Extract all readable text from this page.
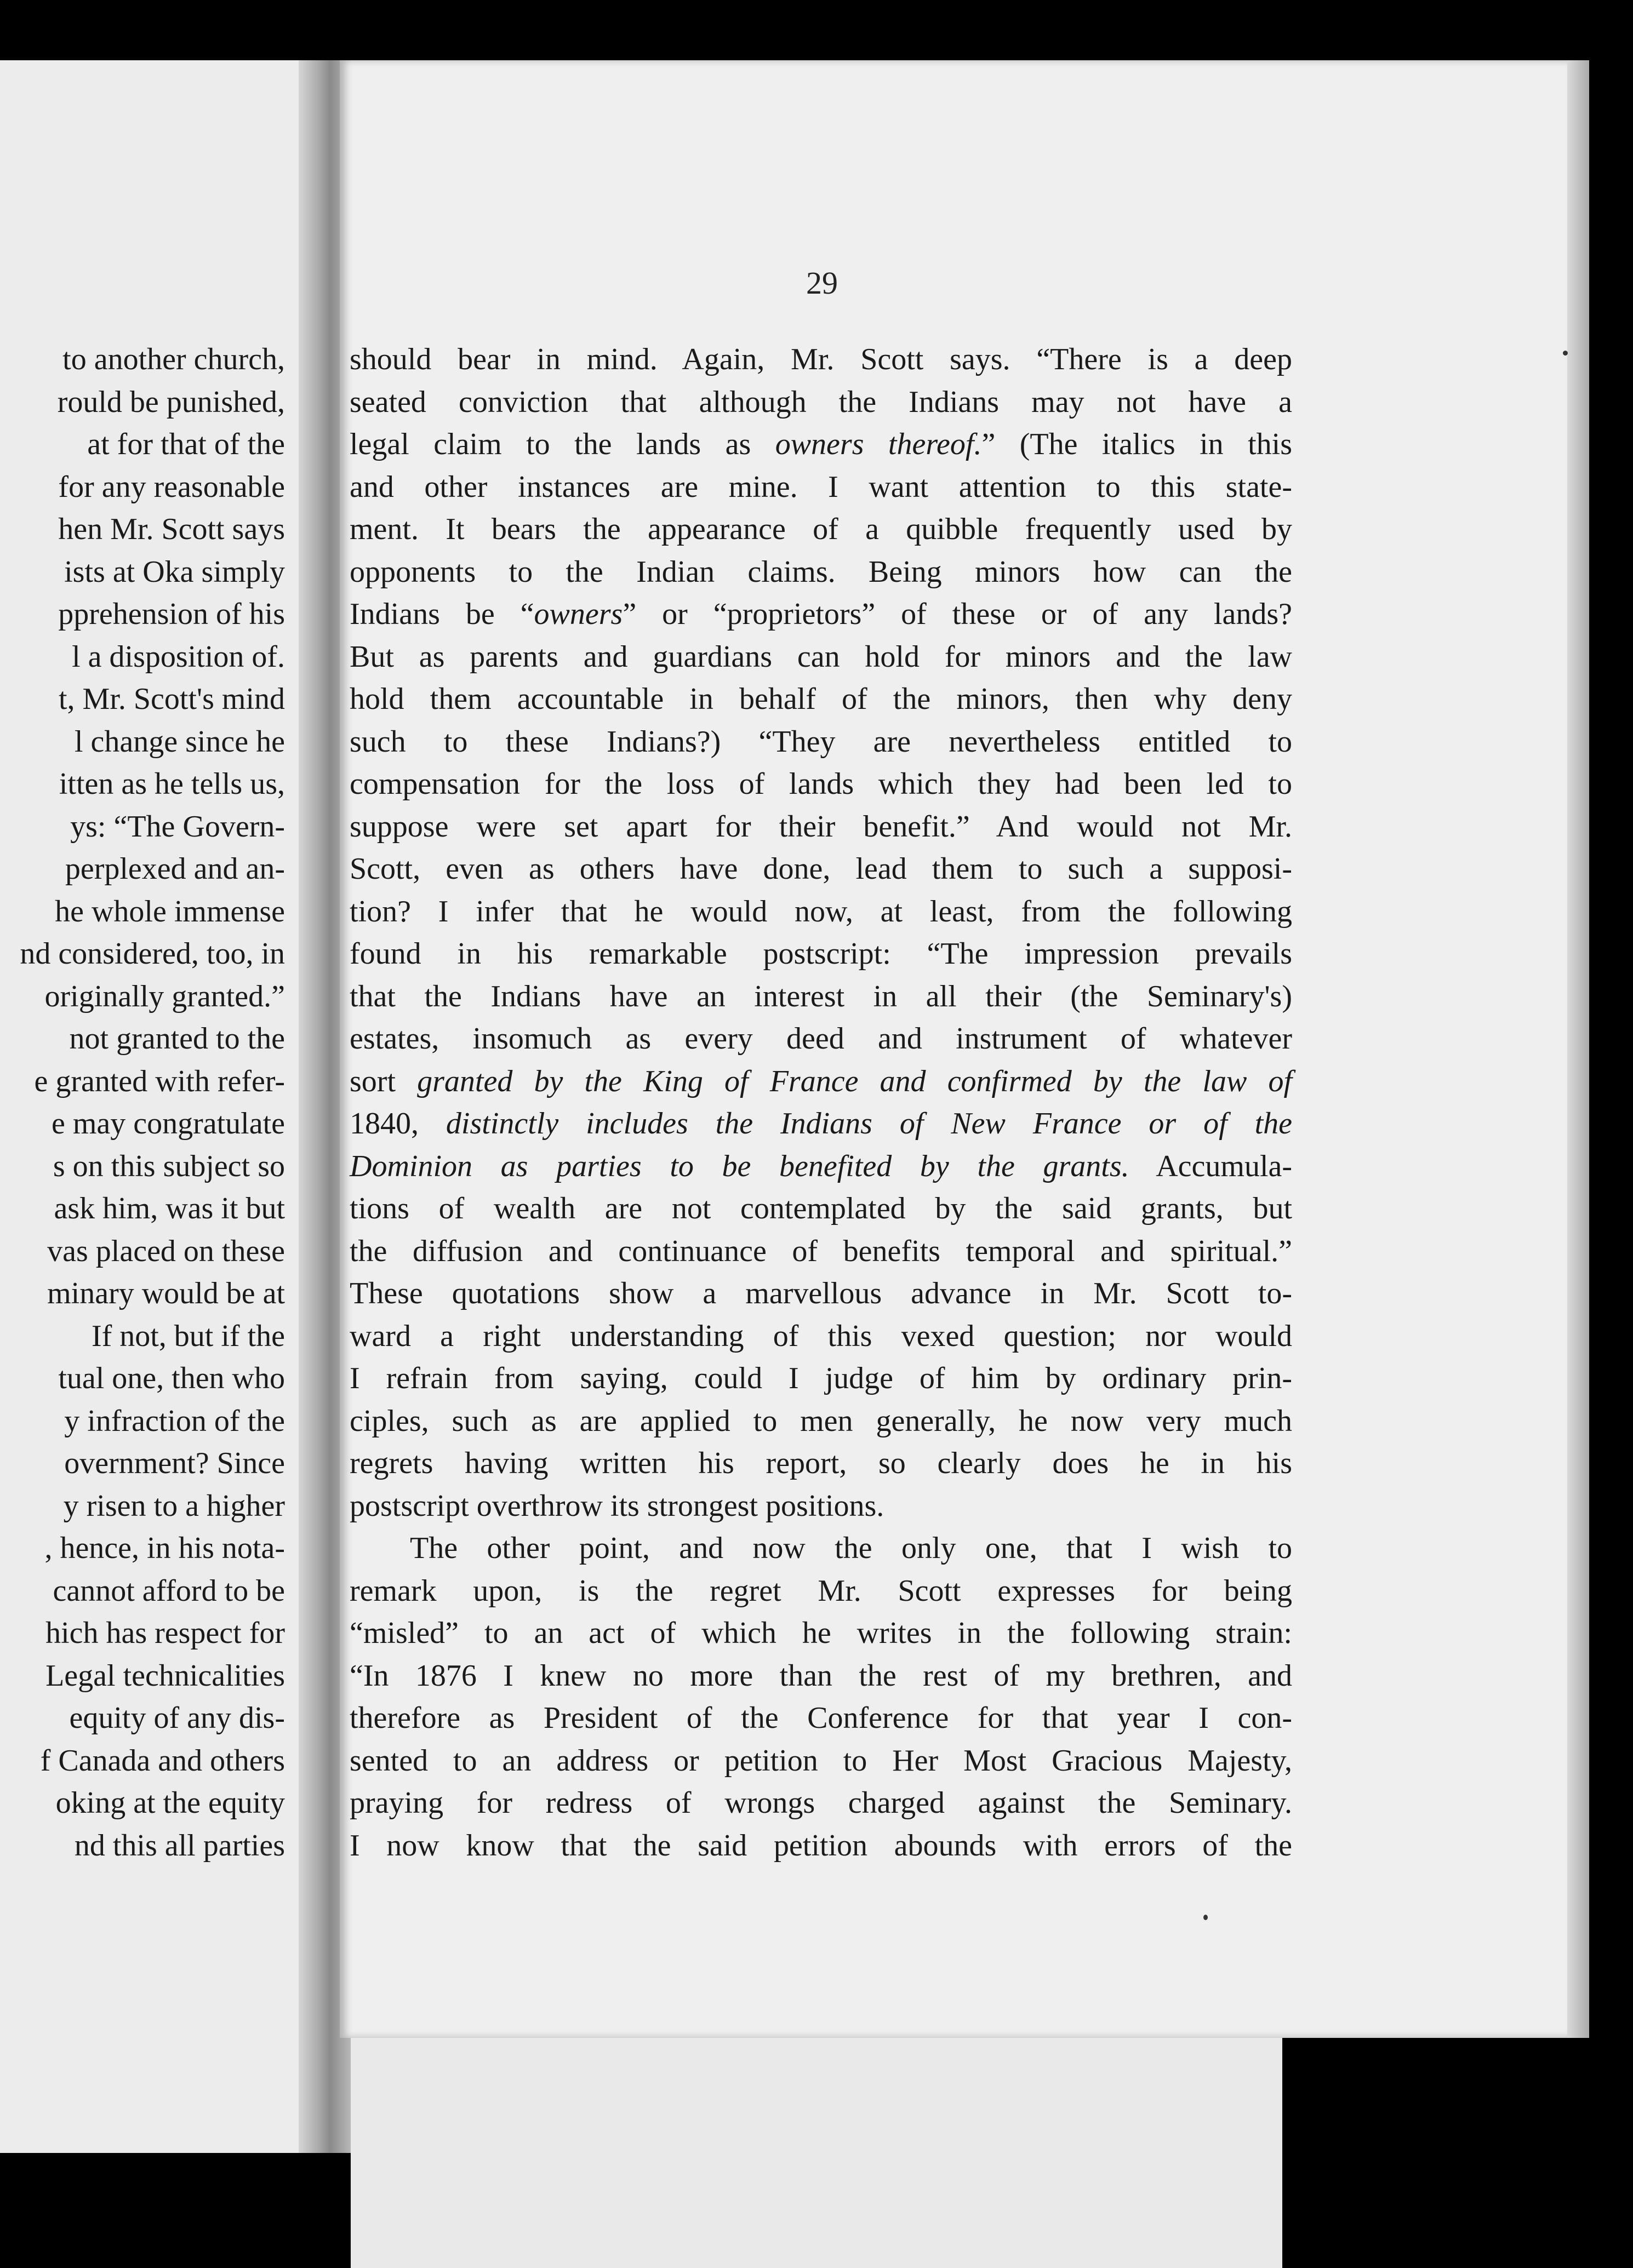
29
to another church,
rould be punished,
at for that of the
for any reasonable
hen Mr. Scott says
ists at Oka simply
pprehension of his
l a disposition of.
t, Mr. Scott's mind
l change since he
itten as he tells us,
ys: “The Govern-
perplexed and an-
he whole immense
nd considered, too, in
originally granted.”
not granted to the
e granted with refer-
e may congratulate
s on this subject so
ask him, was it but
vas placed on these
minary would be at
If not, but if the
tual one, then who
y infraction of the
overnment? Since
y risen to a higher
, hence, in his nota-
cannot afford to be
hich has respect for
Legal technicalities
equity of any dis-
f Canada and others
oking at the equity
nd this all parties
should bear in mind. Again, Mr. Scott says. “There is a deep
seated conviction that although the Indians may not have a
legal claim to the lands as owners thereof.” (The italics in this
and other instances are mine. I want attention to this state-
ment. It bears the appearance of a quibble frequently used by
opponents to the Indian claims. Being minors how can the
Indians be “owners” or “proprietors” of these or of any lands?
But as parents and guardians can hold for minors and the law
hold them accountable in behalf of the minors, then why deny
such to these Indians?) “They are nevertheless entitled to
compensation for the loss of lands which they had been led to
suppose were set apart for their benefit.” And would not Mr.
Scott, even as others have done, lead them to such a supposi-
tion? I infer that he would now, at least, from the following
found in his remarkable postscript: “The impression prevails
that the Indians have an interest in all their (the Seminary's)
estates, insomuch as every deed and instrument of whatever
sort granted by the King of France and confirmed by the law of
1840, distinctly includes the Indians of New France or of the
Dominion as parties to be benefited by the grants. Accumula-
tions of wealth are not contemplated by the said grants, but
the diffusion and continuance of benefits temporal and spiritual.”
These quotations show a marvellous advance in Mr. Scott to-
ward a right understanding of this vexed question; nor would
I refrain from saying, could I judge of him by ordinary prin-
ciples, such as are applied to men generally, he now very much
regrets having written his report, so clearly does he in his
postscript overthrow its strongest positions.
The other point, and now the only one, that I wish to
remark upon, is the regret Mr. Scott expresses for being
“misled” to an act of which he writes in the following strain:
“In 1876 I knew no more than the rest of my brethren, and
therefore as President of the Conference for that year I con-
sented to an address or petition to Her Most Gracious Majesty,
praying for redress of wrongs charged against the Seminary.
I now know that the said petition abounds with errors of the
